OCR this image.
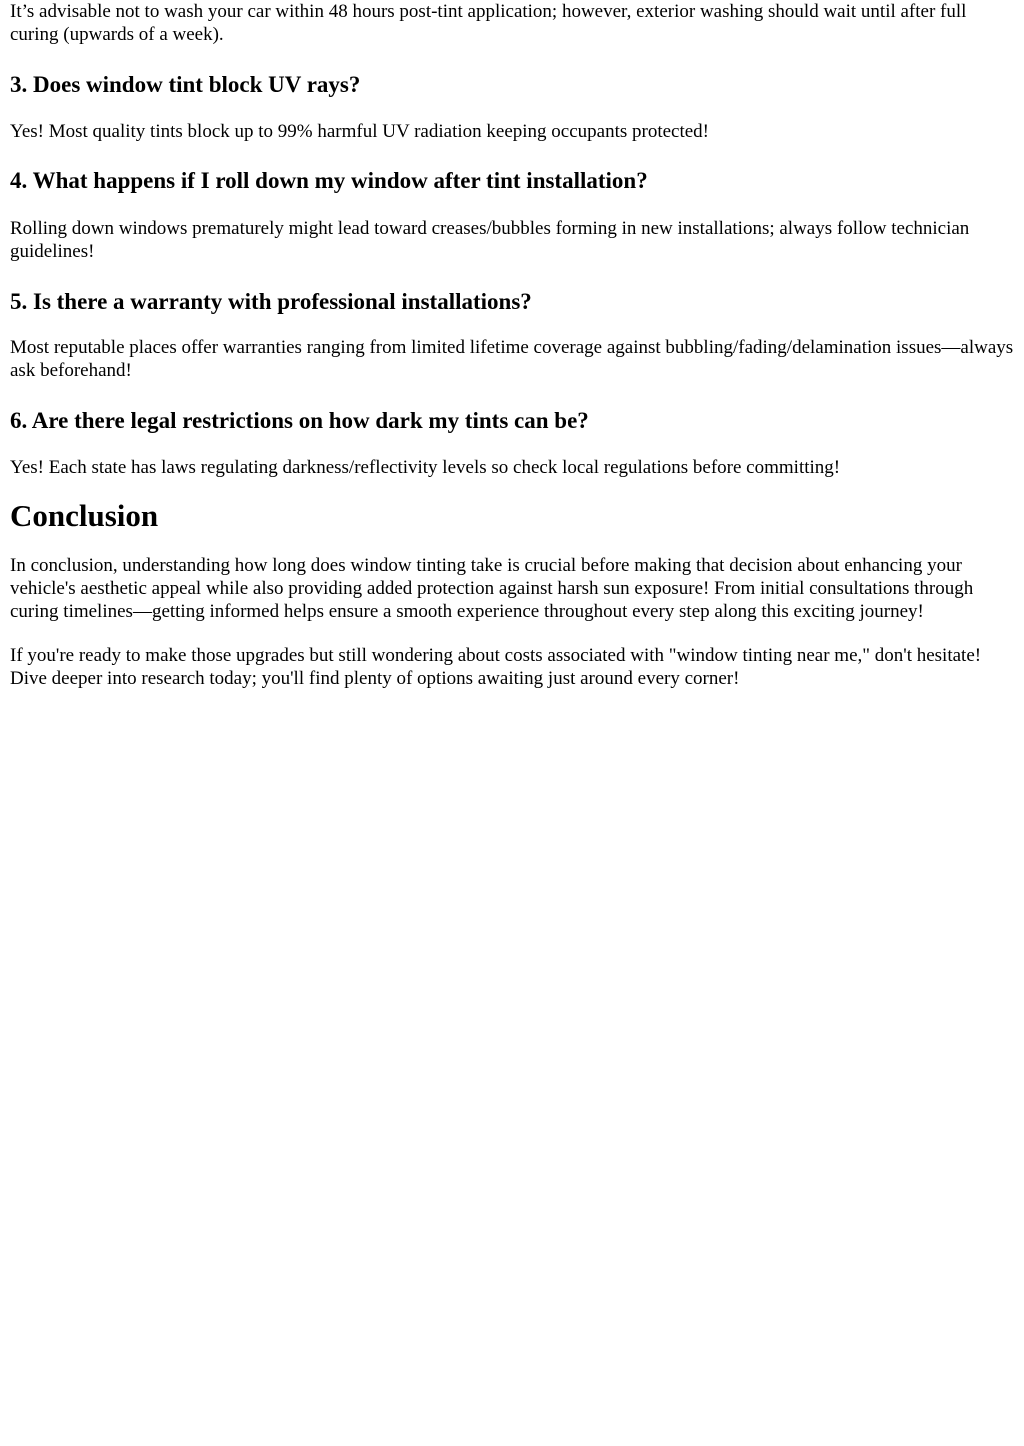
It’s advisable not to wash your car within 48 hours post-tint application; however, exterior washing should wait until after full curing (upwards of a week).

3. Does window tint block UV rays?

Yes! Most quality tints block up to 99% harmful UV radiation keeping occupants protected!

4. What happens if I roll down my window after tint installation?

Rolling down windows prematurely might lead toward creases/bubbles forming in new installations; always follow technician guidelines!

5. Is there a warranty with professional installations?

Most reputable places offer warranties ranging from limited lifetime coverage against bubbling/fading/delamination issues—always ask beforehand!

6. Are there legal restrictions on how dark my tints can be?

Yes! Each state has laws regulating darkness/reflectivity levels so check local regulations before committing!

Conclusion

In conclusion, understanding how long does window tinting take is crucial before making that decision about enhancing your vehicle's aesthetic appeal while also providing added protection against harsh sun exposure! From initial consultations through curing timelines—getting informed helps ensure a smooth experience throughout every step along this exciting journey!

If you're ready to make those upgrades but still wondering about costs associated with "window tinting near me," don't hesitate! Dive deeper into research today; you'll find plenty of options awaiting just around every corner!
